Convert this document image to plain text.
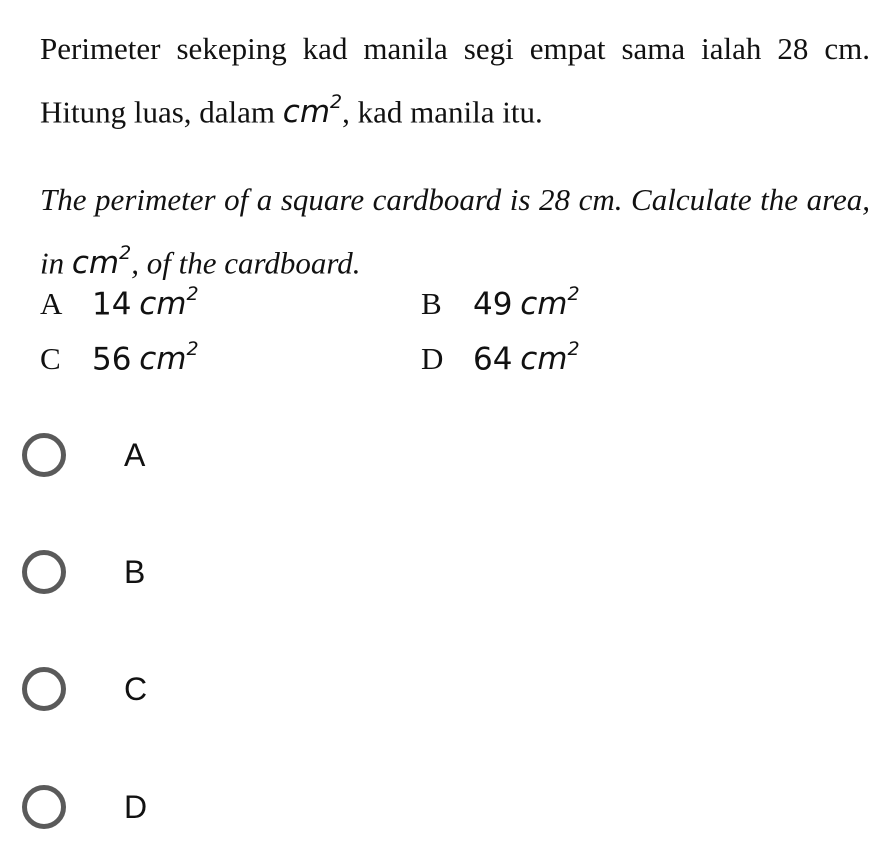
Perimeter sekeping kad manila segi empat sama ialah 28 cm. Hitung luas, dalam $cm^2$, kad manila itu.
The perimeter of a square cardboard is 28 cm. Calculate the area, in $cm^2$, of the cardboard.
A 14 $cm^2$	B 49 $cm^2$
C 56 $cm^2$	D 64 $cm^2$
A
B
C
D
